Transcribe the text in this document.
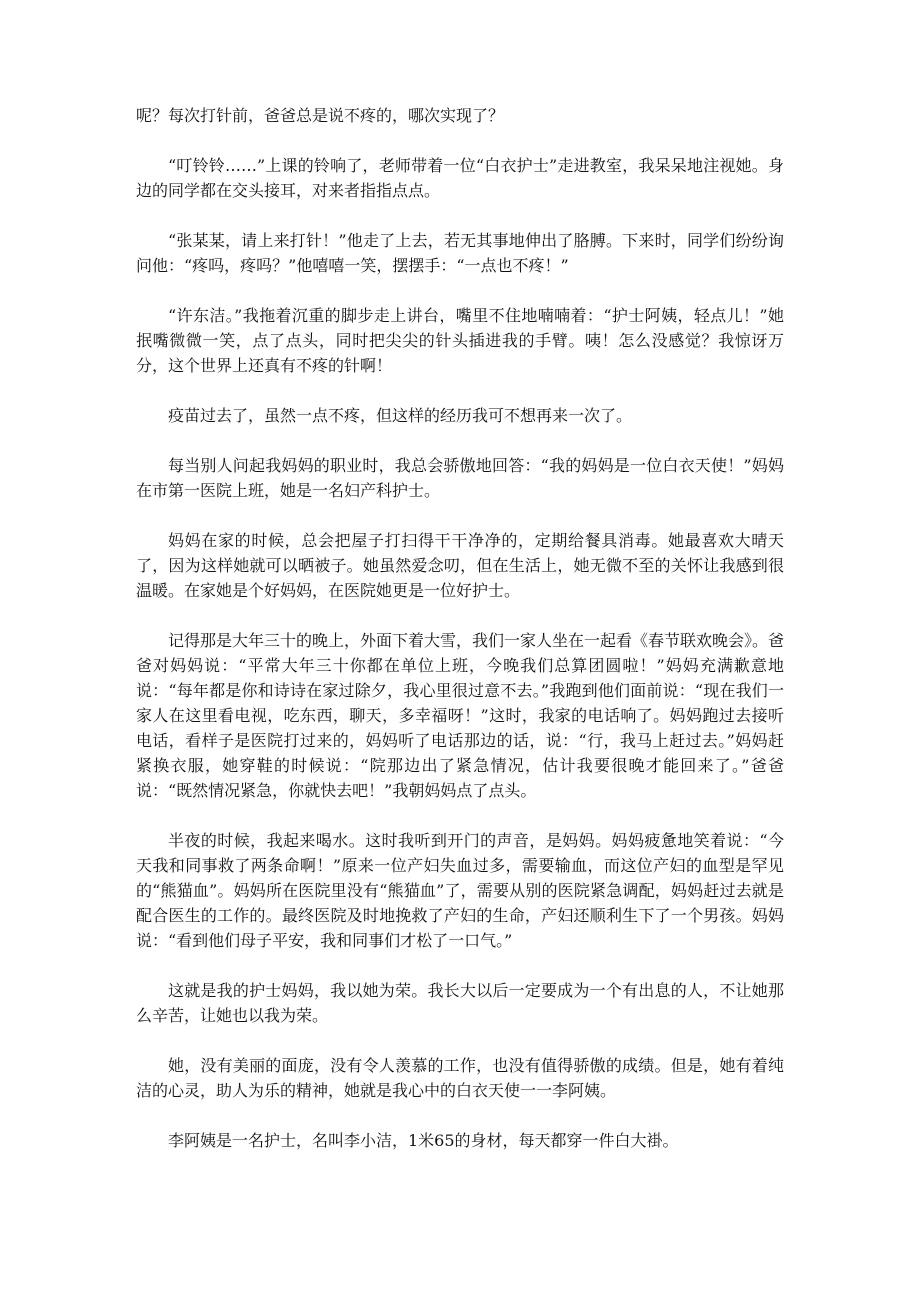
呢？每次打针前，爸爸总是说不疼的，哪次实现了？

“叮铃铃……”上课的铃响了，老师带着一位“白衣护士”走进教室，我呆呆地注视她。身边的同学都在交头接耳，对来者指指点点。

“张某某，请上来打针！”他走了上去，若无其事地伸出了胳膊。下来时，同学们纷纷询问他：“疼吗，疼吗？”他嘻嘻一笑，摆摆手：“一点也不疼！”

“许东洁。”我拖着沉重的脚步走上讲台，嘴里不住地喃喃着：“护士阿姨，轻点儿！”她抿嘴微微一笑，点了点头，同时把尖尖的针头插进我的手臂。咦！怎么没感觉？我惊讶万分，这个世界上还真有不疼的针啊！

疫苗过去了，虽然一点不疼，但这样的经历我可不想再来一次了。

每当别人问起我妈妈的职业时，我总会骄傲地回答：“我的妈妈是一位白衣天使！”妈妈在市第一医院上班，她是一名妇产科护士。

妈妈在家的时候，总会把屋子打扫得干干净净的，定期给餐具消毒。她最喜欢大晴天了，因为这样她就可以晒被子。她虽然爱念叨，但在生活上，她无微不至的关怀让我感到很温暖。在家她是个好妈妈，在医院她更是一位好护士。

记得那是大年三十的晚上，外面下着大雪，我们一家人坐在一起看《春节联欢晚会》。爸爸对妈妈说：“平常大年三十你都在单位上班，今晚我们总算团圆啦！”妈妈充满歉意地说：“每年都是你和诗诗在家过除夕，我心里很过意不去。”我跑到他们面前说：“现在我们一家人在这里看电视，吃东西，聊天，多幸福呀！”这时，我家的电话响了。妈妈跑过去接听电话，看样子是医院打过来的，妈妈听了电话那边的话，说：“行，我马上赶过去。”妈妈赶紧换衣服，她穿鞋的时候说：“院那边出了紧急情况，估计我要很晚才能回来了。”爸爸说：“既然情况紧急，你就快去吧！”我朝妈妈点了点头。

半夜的时候，我起来喝水。这时我听到开门的声音，是妈妈。妈妈疲惫地笑着说：“今天我和同事救了两条命啊！”原来一位产妇失血过多，需要输血，而这位产妇的血型是罕见的“熊猫血”。妈妈所在医院里没有“熊猫血”了，需要从别的医院紧急调配，妈妈赶过去就是配合医生的工作的。最终医院及时地挽救了产妇的生命，产妇还顺利生下了一个男孩。妈妈说：“看到他们母子平安，我和同事们才松了一口气。”

这就是我的护士妈妈，我以她为荣。我长大以后一定要成为一个有出息的人，不让她那么辛苦，让她也以我为荣。

她，没有美丽的面庞，没有令人羡慕的工作，也没有值得骄傲的成绩。但是，她有着纯洁的心灵，助人为乐的精神，她就是我心中的白衣天使一一李阿姨。

李阿姨是一名护士，名叫李小洁，1米65的身材，每天都穿一件白大褂。
